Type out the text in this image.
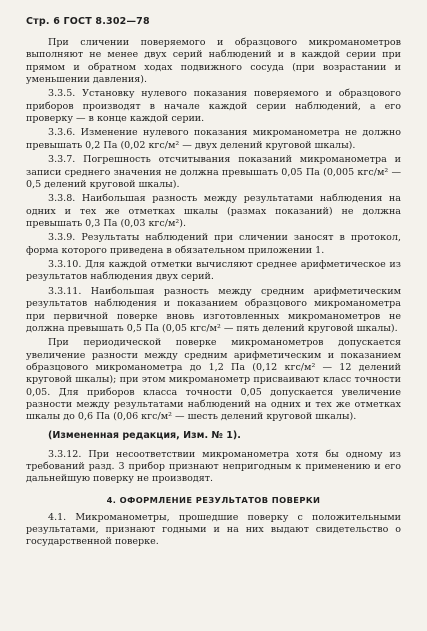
Стр. 6 ГОСТ 8.302—78

При сличении поверяемого и образцового микроманометров выполняют не менее двух серий наблюдений и в каждой серии при прямом и обратном ходах подвижного сосуда (при возрастании и уменьшении давления).

3.3.5. Установку нулевого показания поверяемого и образцового приборов производят в начале каждой серии наблюдений, а его проверку — в конце каждой серии.

3.3.6. Изменение нулевого показания микроманометра не должно превышать 0,2 Па (0,02 кгс/м² — двух делений круговой шкалы).

3.3.7. Погрешность отсчитывания показаний микроманометра и записи среднего значения не должна превышать 0,05 Па (0,005 кгс/м² — 0,5 делений круговой шкалы).

3.3.8. Наибольшая разность между результатами наблюдения на одних и тех же отметках шкалы (размах показаний) не должна превышать 0,3 Па (0,03 кгс/м²).

3.3.9. Результаты наблюдений при сличении заносят в протокол, форма которого приведена в обязательном приложении 1.

3.3.10. Для каждой отметки вычисляют среднее арифметическое из результатов наблюдения двух серий.

3.3.11. Наибольшая разность между средним арифметическим результатов наблюдения и показанием образцового микроманометра при первичной поверке вновь изготовленных микроманометров не должна превышать 0,5 Па (0,05 кгс/м² — пять делений круговой шкалы).

При периодической поверке микроманометров допускается увеличение разности между средним арифметическим и показанием образцового микроманометра до 1,2 Па (0,12 кгс/м² — 12 делений круговой шкалы); при этом микроманометр присваивают класс точности 0,05. Для приборов класса точности 0,05 допускается увеличение разности между результатами наблюдений на одних и тех же отметках шкалы до 0,6 Па (0,06 кгс/м² — шесть делений круговой шкалы).

(Измененная редакция, Изм. № 1).

3.3.12. При несоответствии микроманометра хотя бы одному из требований разд. 3 прибор признают непригодным к применению и его дальнейшую поверку не производят.

4. ОФОРМЛЕНИЕ РЕЗУЛЬТАТОВ ПОВЕРКИ

4.1. Микроманометры, прошедшие поверку с положительными результатами, признают годными и на них выдают свидетельство о государственной поверке.
